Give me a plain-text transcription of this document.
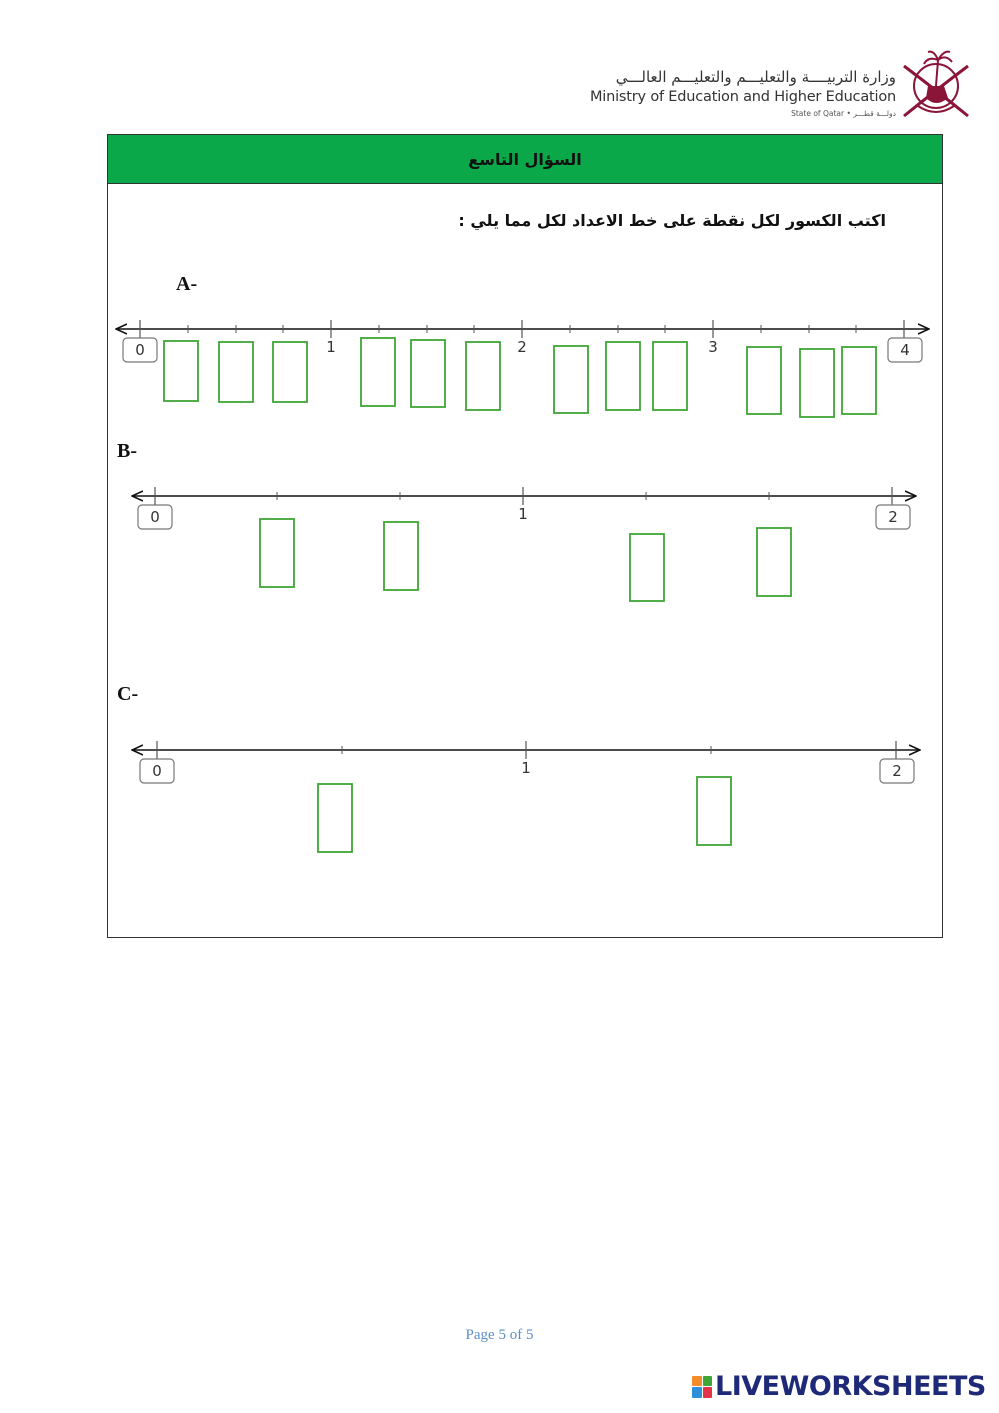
وزارة التربيــــة والتعليـــم والتعليـــم العالـــي
Ministry of Education and Higher Education
State of Qatar • دولـــة قطـــر
السؤال التاسع
اكتب الكسور لكل نقطة على خط الاعداد لكل مما يلي :
A-
B-
C-
0	1	2	3	4
0	1	2
0	1	2
Page 5 of 5
LIVEWORKSHEETS
